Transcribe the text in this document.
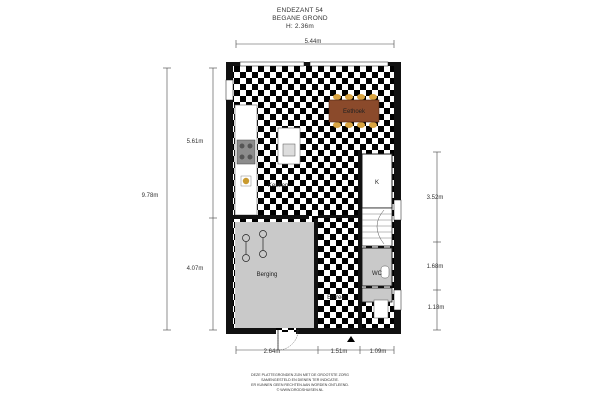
ENDEZANT 54
BEGANE GROND
H: 2.36m
5.44m
9.78m
5.61m
4.07m
3.52m
1.68m
1.18m
2.64m	1.51m	1.09m
Eethoek
K
WC
Keuken
Berging
Entree
DEZE PLATTEGRONDEN ZIJN MET DE GROOTSTE ZORG
SAMENGESTELD EN DIENEN TER INDICATIE.
ER KUNNEN GEEN RECHTEN AAN WORDEN ONTLEEND.
© WWW.DRODSHUISEN.NL
